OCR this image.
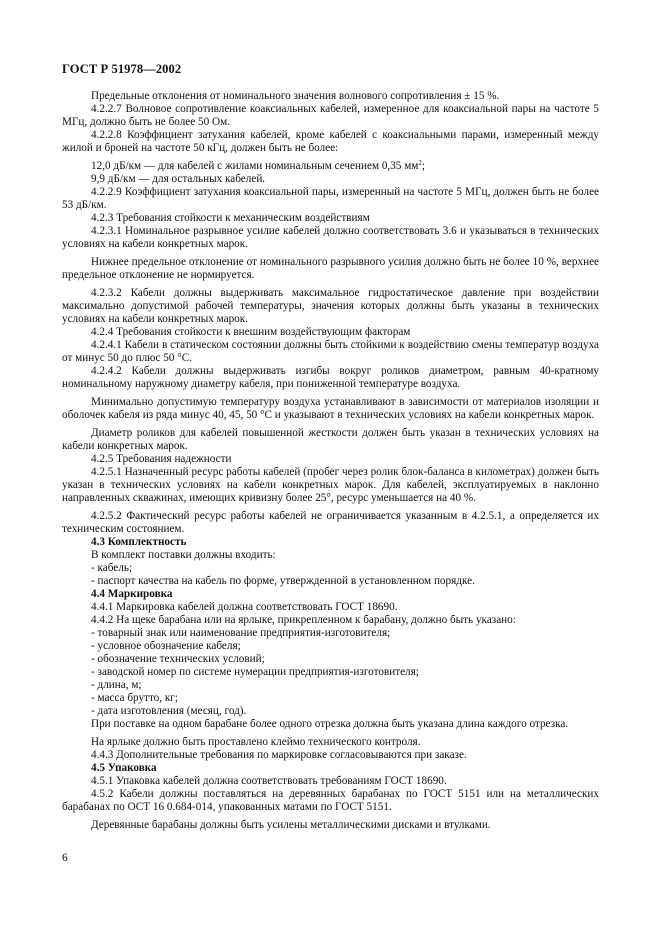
ГОСТ Р 51978—2002

Предельные отклонения от номинального значения волнового сопротивления ± 15 %.

4.2.2.7 Волновое сопротивление коаксиальных кабелей, измеренное для коаксиальной пары на частоте 5 МГц, должно быть не более 50 Ом.

4.2.2.8 Коэффициент затухания кабелей, кроме кабелей с коаксиальными парами, измеренный между жилой и броней на частоте 50 кГц, должен быть не более:

12,0 дБ/км — для кабелей с жилами номинальным сечением 0,35 $мм^2$;

9,9 дБ/км — для остальных кабелей.

4.2.2.9 Коэффициент затухания коаксиальной пары, измеренный на частоте 5 МГц, должен быть не более 53 дБ/км.

4.2.3 Требования стойкости к механическим воздействиям

4.2.3.1 Номинальное разрывное усилие кабелей должно соответствовать 3.6 и указываться в технических условиях на кабели конкретных марок.

Нижнее предельное отклонение от номинального разрывного усилия должно быть не более 10 %, верхнее предельное отклонение не нормируется.

4.2.3.2 Кабели должны выдерживать максимальное гидростатическое давление при воздействии максимально допустимой рабочей температуры, значения которых должны быть указаны в технических условиях на кабели конкретных марок.

4.2.4 Требования стойкости к внешним воздействующим факторам

4.2.4.1 Кабели в статическом состоянии должны быть стойкими к воздействию смены температур воздуха от минус 50 до плюс 50 °С.

4.2.4.2 Кабели должны выдерживать изгибы вокруг роликов диаметром, равным 40-кратному номинальному наружному диаметру кабеля, при пониженной температуре воздуха.

Минимально допустимую температуру воздуха устанавливают в зависимости от материалов изоляции и оболочек кабеля из ряда минус 40, 45, 50 °С и указывают в технических условиях на кабели конкретных марок.

Диаметр роликов для кабелей повышенной жесткости должен быть указан в технических условиях на кабели конкретных марок.

4.2.5 Требования надежности

4.2.5.1 Назначенный ресурс работы кабелей (пробег через ролик блок-баланса в километрах) должен быть указан в технических условиях на кабели конкретных марок. Для кабелей, эксплуатируемых в наклонно направленных скважинах, имеющих кривизну более 25°, ресурс уменьшается на 40 %.

4.2.5.2 Фактический ресурс работы кабелей не ограничивается указанным в 4.2.5.1, а определяется их техническим состоянием.

4.3 Комплектность

В комплект поставки должны входить:

- кабель;

- паспорт качества на кабель по форме, утвержденной в установленном порядке.

4.4 Маркировка

4.4.1 Маркировка кабелей должна соответствовать ГОСТ 18690.

4.4.2 На щеке барабана или на ярлыке, прикрепленном к барабану, должно быть указано:

- товарный знак или наименование предприятия-изготовителя;

- условное обозначение кабеля;

- обозначение технических условий;

- заводской номер по системе нумерации предприятия-изготовителя;

- длина, м;

- масса брутто, кг;

- дата изготовления (месяц, год).

При поставке на одном барабане более одного отрезка должна быть указана длина каждого отрезка.

На ярлыке должно быть проставлено клеймо технического контроля.

4.4.3 Дополнительные требования по маркировке согласовываются при заказе.

4.5 Упаковка

4.5.1 Упаковка кабелей должна соответствовать требованиям ГОСТ 18690.

4.5.2 Кабели должны поставляться на деревянных барабанах по ГОСТ 5151 или на металлических барабанах по ОСТ 16 0.684-014, упакованных матами по ГОСТ 5151.

Деревянные барабаны должны быть усилены металлическими дисками и втулками.

6
